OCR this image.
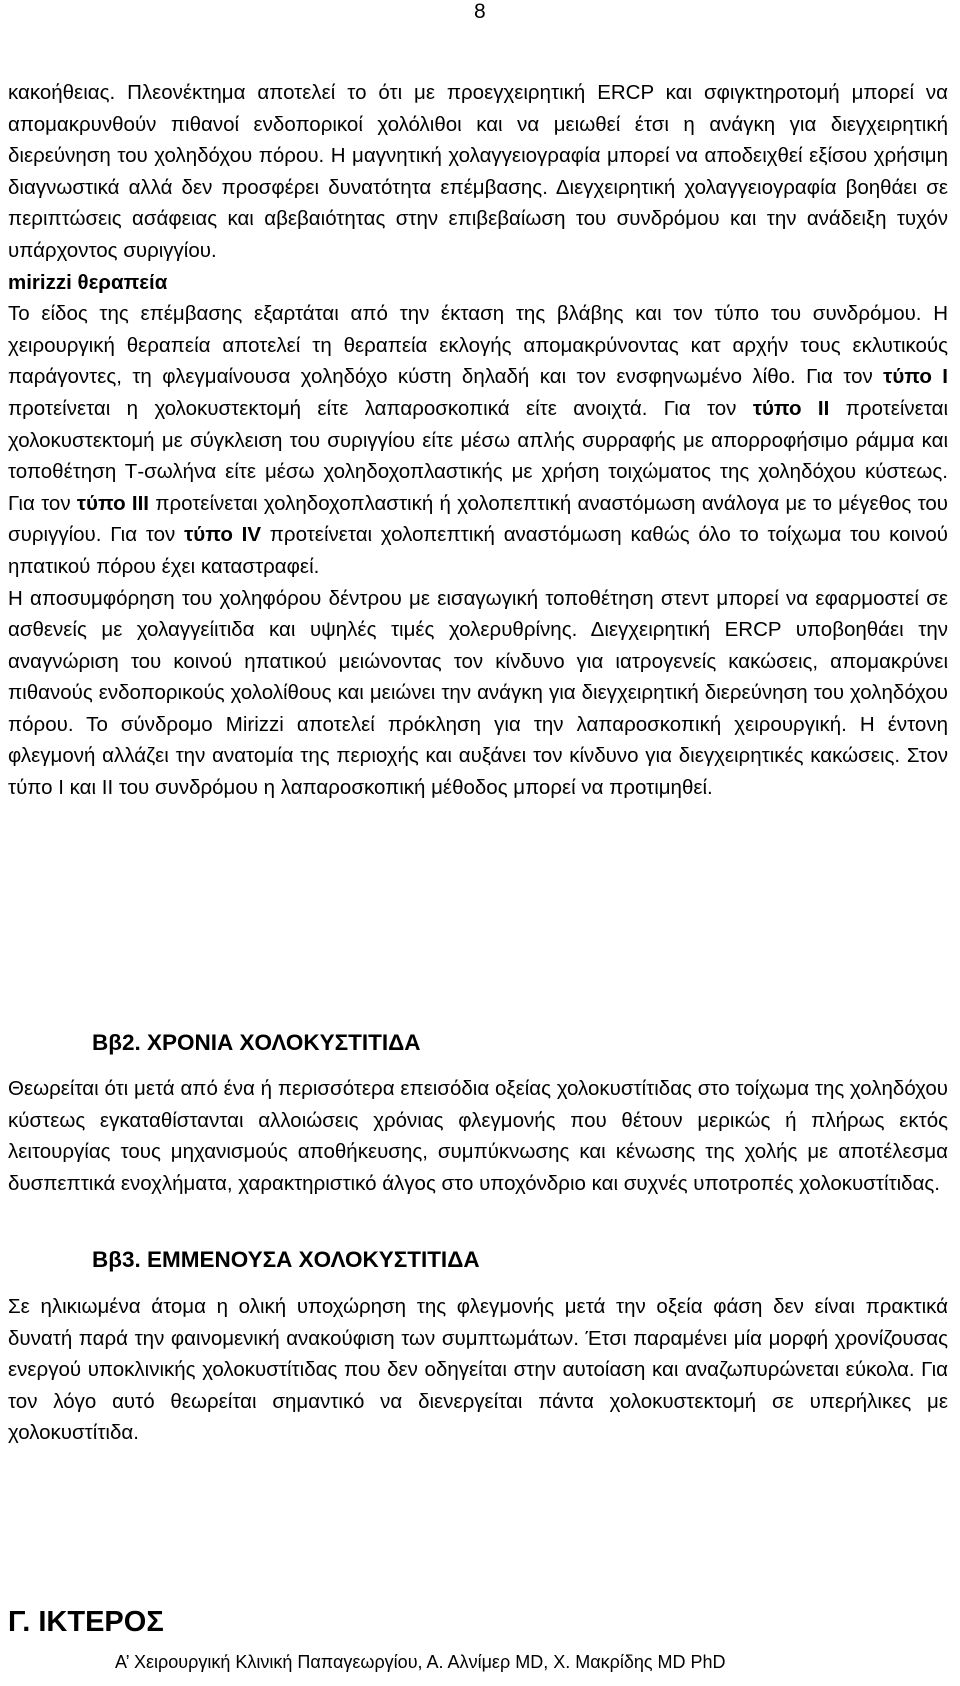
8

κακοήθειας. Πλεονέκτημα αποτελεί το ότι με προεγχειρητική ERCP και σφιγκτηροτομή μπορεί να απομακρυνθούν πιθανοί ενδοπορικοί χολόλιθοι και να μειωθεί έτσι η ανάγκη για διεγχειρητική διερεύνηση του χοληδόχου πόρου. Η μαγνητική χολαγγειογραφία μπορεί να αποδειχθεί εξίσου χρήσιμη διαγνωστικά αλλά δεν προσφέρει δυνατότητα επέμβασης. Διεγχειρητική χολαγγειογραφία βοηθάει σε περιπτώσεις ασάφειας και αβεβαιότητας στην επιβεβαίωση του συνδρόμου και την ανάδειξη τυχόν υπάρχοντος συριγγίου.

mirizzi θεραπεία

Το είδος της επέμβασης εξαρτάται από την έκταση της βλάβης και τον τύπο του συνδρόμου. Η χειρουργική θεραπεία αποτελεί τη θεραπεία εκλογής απομακρύνοντας κατ αρχήν τους εκλυτικούς παράγοντες, τη φλεγμαίνουσα χοληδόχο κύστη δηλαδή και τον ενσφηνωμένο λίθο. Για τον τύπο Ι προτείνεται η χολοκυστεκτομή είτε λαπαροσκοπικά είτε ανοιχτά. Για τον τύπο ΙΙ προτείνεται χολοκυστεκτομή με σύγκλειση του συριγγίου είτε μέσω απλής συρραφής με απορροφήσιμο ράμμα και τοποθέτηση Τ-σωλήνα είτε μέσω χοληδοχοπλαστικής με χρήση τοιχώματος της χοληδόχου κύστεως. Για τον τύπο ΙΙΙ προτείνεται χοληδοχοπλαστική ή χολοπεπτική αναστόμωση ανάλογα με το μέγεθος του συριγγίου. Για τον τύπο IV προτείνεται χολοπεπτική αναστόμωση καθώς όλο το τοίχωμα του κοινού ηπατικού πόρου έχει καταστραφεί.

Η αποσυμφόρηση του χοληφόρου δέντρου με εισαγωγική τοποθέτηση στεντ μπορεί να εφαρμοστεί σε ασθενείς με χολαγγείιτιδα και υψηλές τιμές χολερυθρίνης. Διεγχειρητική ERCP υποβοηθάει την αναγνώριση του κοινού ηπατικού μειώνοντας τον κίνδυνο για ιατρογενείς κακώσεις, απομακρύνει πιθανούς ενδοπορικούς χολολίθους και μειώνει την ανάγκη για διεγχειρητική διερεύνηση του χοληδόχου πόρου. Το σύνδρομο Mirizzi αποτελεί πρόκληση για την λαπαροσκοπική χειρουργική. Η έντονη φλεγμονή αλλάζει την ανατομία της περιοχής και αυξάνει τον κίνδυνο για διεγχειρητικές κακώσεις. Στον τύπο Ι και ΙΙ του συνδρόμου η λαπαροσκοπική μέθοδος μπορεί να προτιμηθεί.

Ββ2. ΧΡΟΝΙΑ ΧΟΛΟΚΥΣΤΙΤΙΔΑ

Θεωρείται ότι μετά από ένα ή περισσότερα επεισόδια οξείας χολοκυστίτιδας στο τοίχωμα της χοληδόχου κύστεως εγκαταθίστανται αλλοιώσεις χρόνιας φλεγμονής που θέτουν μερικώς ή πλήρως εκτός λειτουργίας τους μηχανισμούς αποθήκευσης, συμπύκνωσης και κένωσης της χολής με αποτέλεσμα δυσπεπτικά ενοχλήματα, χαρακτηριστικό άλγος στο υποχόνδριο και συχνές υποτροπές χολοκυστίτιδας.

Ββ3. ΕΜΜΕΝΟΥΣΑ ΧΟΛΟΚΥΣΤΙΤΙΔΑ

Σε ηλικιωμένα άτομα η ολική υποχώρηση της φλεγμονής μετά την οξεία φάση δεν είναι πρακτικά δυνατή παρά την φαινομενική ανακούφιση των συμπτωμάτων. Έτσι παραμένει μία μορφή χρονίζουσας ενεργού υποκλινικής χολοκυστίτιδας που δεν οδηγείται στην αυτοίαση και αναζωπυρώνεται εύκολα. Για τον λόγο αυτό θεωρείται σημαντικό να διενεργείται πάντα χολοκυστεκτομή σε υπερήλικες με χολοκυστίτιδα.

Γ. ΙΚΤΕΡΟΣ
Α’ Χειρουργική Κλινική Παπαγεωργίου, Α. Αλνίμερ MD, Χ. Μακρίδης MD PhD
